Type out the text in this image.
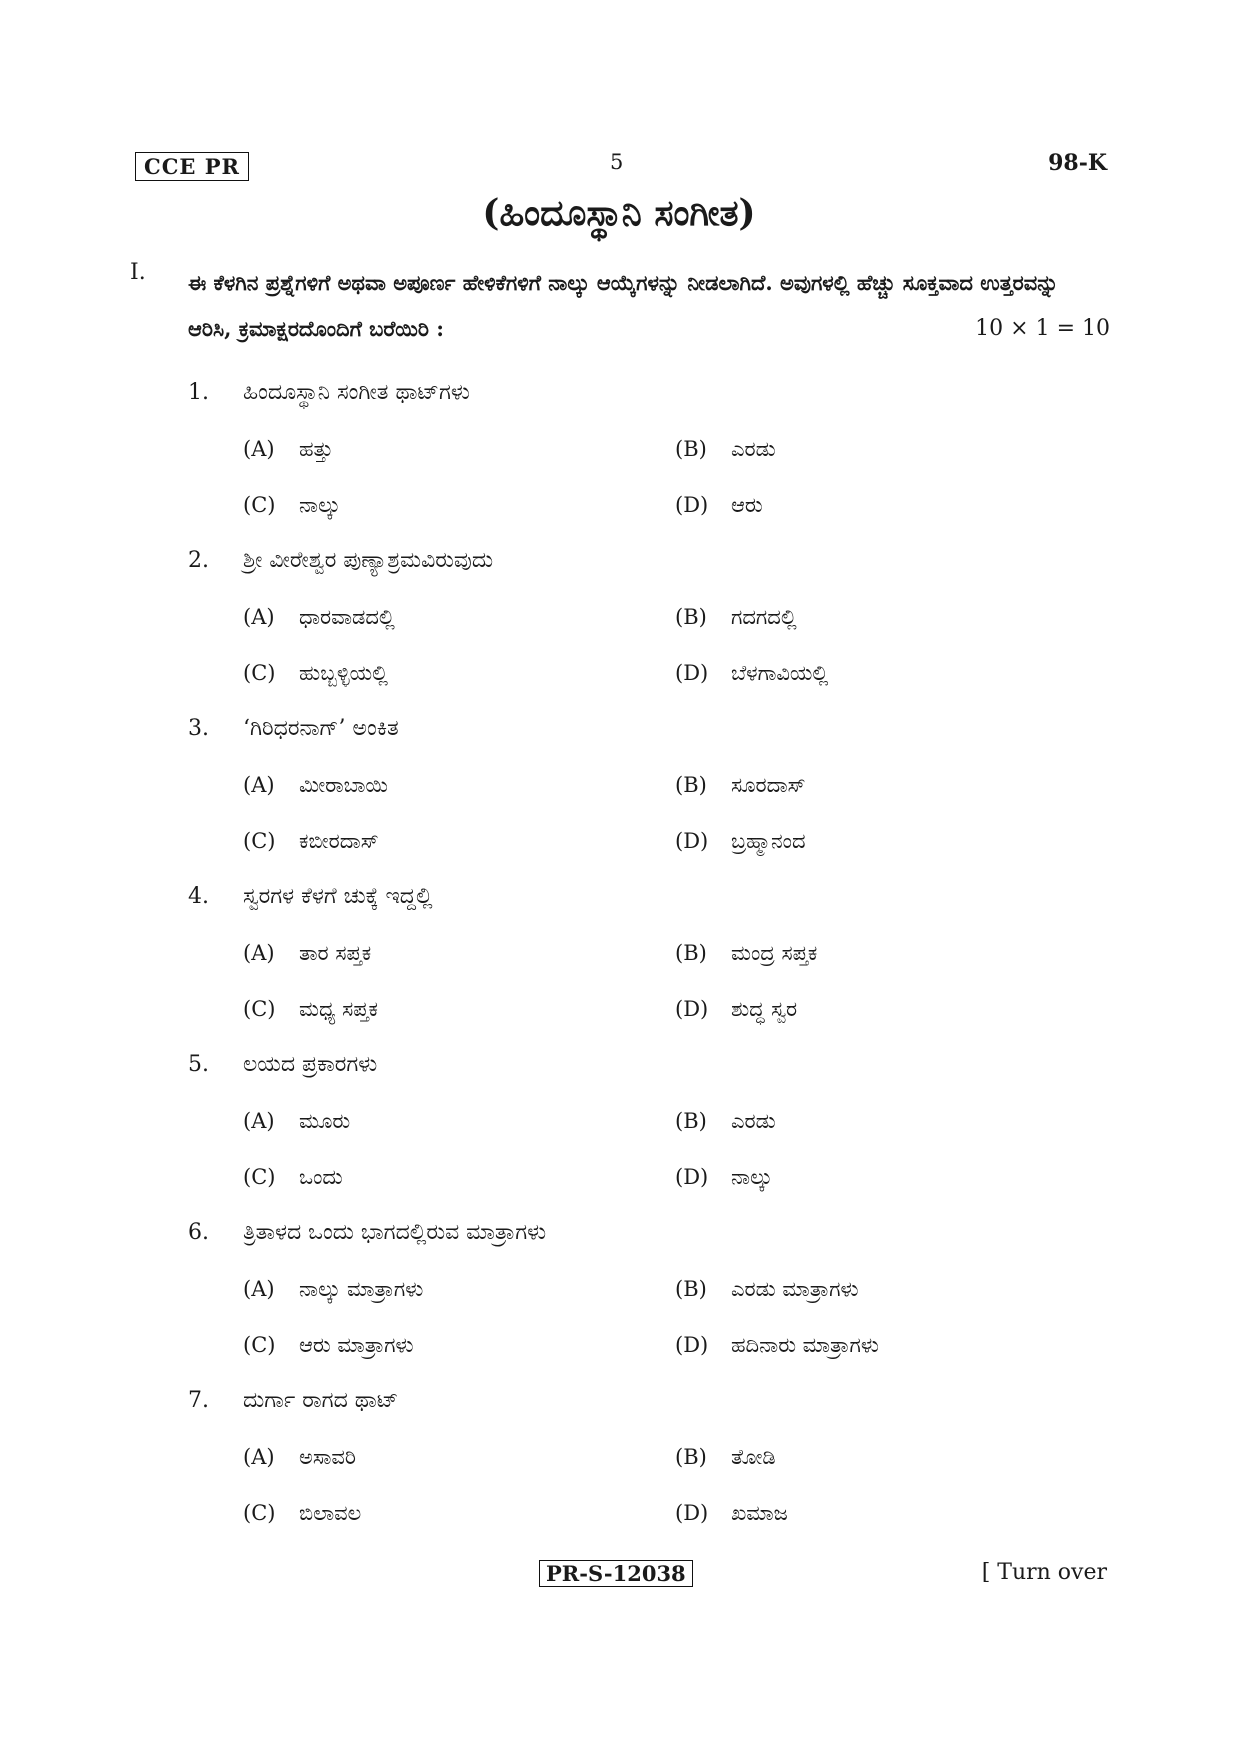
CCE PR	5	98-K
(ಹಿಂದೂಸ್ಥಾನಿ ಸಂಗೀತ)
I. ಈ ಕೆಳಗಿನ ಪ್ರಶ್ನೆಗಳಿಗೆ ಅಥವಾ ಅಪೂರ್ಣ ಹೇಳಿಕೆಗಳಿಗೆ ನಾಲ್ಕು ಆಯ್ಕೆಗಳನ್ನು ನೀಡಲಾಗಿದೆ. ಅವುಗಳಲ್ಲಿ ಹೆಚ್ಚು ಸೂಕ್ತವಾದ ಉತ್ತರವನ್ನು ಆರಿಸಿ, ಕ್ರಮಾಕ್ಷರದೊಂದಿಗೆ ಬರೆಯಿರಿ :	10 × 1 = 10
1. ಹಿಂದೂಸ್ಥಾನಿ ಸಂಗೀತ ಥಾಟ್‌ಗಳು
(A) ಹತ್ತು	(B) ಎರಡು
(C) ನಾಲ್ಕು	(D) ಆರು
2. ಶ್ರೀ ವೀರೇಶ್ವರ ಪುಣ್ಯಾಶ್ರಮವಿರುವುದು
(A) ಧಾರವಾಡದಲ್ಲಿ	(B) ಗದಗದಲ್ಲಿ
(C) ಹುಬ್ಬಳ್ಳಿಯಲ್ಲಿ	(D) ಬೆಳಗಾವಿಯಲ್ಲಿ
3. ‘ಗಿರಿಧರನಾಗ್’ ಅಂಕಿತ
(A) ಮೀರಾಬಾಯಿ	(B) ಸೂರದಾಸ್
(C) ಕಬೀರದಾಸ್	(D) ಬ್ರಹ್ಮಾನಂದ
4. ಸ್ವರಗಳ ಕೆಳಗೆ ಚುಕ್ಕೆ ಇದ್ದಲ್ಲಿ
(A) ತಾರ ಸಪ್ತಕ	(B) ಮಂದ್ರ ಸಪ್ತಕ
(C) ಮಧ್ಯ ಸಪ್ತಕ	(D) ಶುದ್ಧ ಸ್ವರ
5. ಲಯದ ಪ್ರಕಾರಗಳು
(A) ಮೂರು	(B) ಎರಡು
(C) ಒಂದು	(D) ನಾಲ್ಕು
6. ತ್ರಿತಾಳದ ಒಂದು ಭಾಗದಲ್ಲಿರುವ ಮಾತ್ರಾಗಳು
(A) ನಾಲ್ಕು ಮಾತ್ರಾಗಳು	(B) ಎರಡು ಮಾತ್ರಾಗಳು
(C) ಆರು ಮಾತ್ರಾಗಳು	(D) ಹದಿನಾರು ಮಾತ್ರಾಗಳು
7. ದುರ್ಗಾ ರಾಗದ ಥಾಟ್
(A) ಅಸಾವರಿ	(B) ತೋಡಿ
(C) ಬಿಲಾವಲ	(D) ಖಮಾಜ
PR-S-12038	[ Turn over
